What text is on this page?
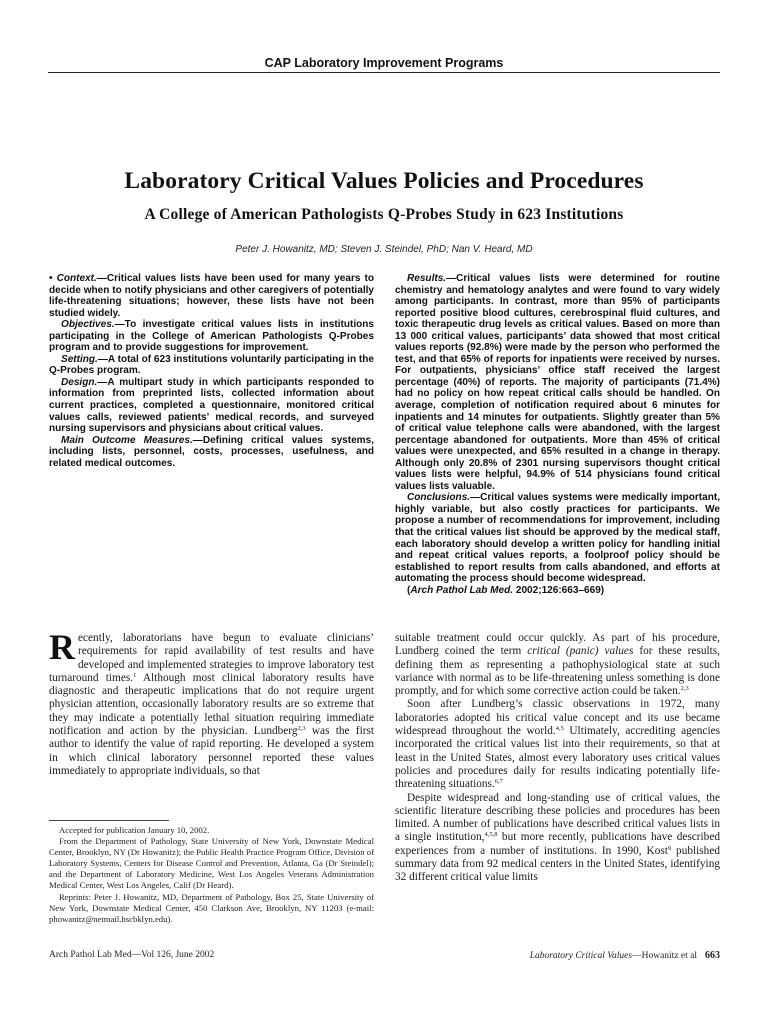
CAP Laboratory Improvement Programs
Laboratory Critical Values Policies and Procedures
A College of American Pathologists Q-Probes Study in 623 Institutions
Peter J. Howanitz, MD; Steven J. Steindel, PhD; Nan V. Heard, MD

• Context.—Critical values lists have been used for many years to decide when to notify physicians and other caregivers of potentially life-threatening situations; however, these lists have not been studied widely.

Objectives.—To investigate critical values lists in institutions participating in the College of American Pathologists Q-Probes program and to provide suggestions for improvement.

Setting.—A total of 623 institutions voluntarily participating in the Q-Probes program.

Design.—A multipart study in which participants responded to information from preprinted lists, collected information about current practices, completed a questionnaire, monitored critical values calls, reviewed patients’ medical records, and surveyed nursing supervisors and physicians about critical values.

Main Outcome Measures.—Defining critical values systems, including lists, personnel, costs, processes, usefulness, and related medical outcomes.

Results.—Critical values lists were determined for routine chemistry and hematology analytes and were found to vary widely among participants. In contrast, more than 95% of participants reported positive blood cultures, cerebrospinal fluid cultures, and toxic therapeutic drug levels as critical values. Based on more than 13 000 critical values, participants’ data showed that most critical values reports (92.8%) were made by the person who performed the test, and that 65% of reports for inpatients were received by nurses. For outpatients, physicians’ office staff received the largest percentage (40%) of reports. The majority of participants (71.4%) had no policy on how repeat critical calls should be handled. On average, completion of notification required about 6 minutes for inpatients and 14 minutes for outpatients. Slightly greater than 5% of critical value telephone calls were abandoned, with the largest percentage abandoned for outpatients. More than 45% of critical values were unexpected, and 65% resulted in a change in therapy. Although only 20.8% of 2301 nursing supervisors thought critical values lists were helpful, 94.9% of 514 physicians found critical values lists valuable.

Conclusions.—Critical values systems were medically important, highly variable, but also costly practices for participants. We propose a number of recommendations for improvement, including that the critical values list should be approved by the medical staff, each laboratory should develop a written policy for handling initial and repeat critical values reports, a foolproof policy should be established to report results from calls abandoned, and efforts at automating the process should become widespread.

(Arch Pathol Lab Med. 2002;126:663–669)

Recently, laboratorians have begun to evaluate clinicians’ requirements for rapid availability of test results and have developed and implemented strategies to improve laboratory test turnaround times.$^1$ Although most clinical laboratory results have diagnostic and therapeutic implications that do not require urgent physician attention, occasionally laboratory results are so extreme that they may indicate a potentially lethal situation requiring immediate notification and action by the physician. Lundberg$^{2,3}$ was the first author to identify the value of rapid reporting. He developed a system in which clinical laboratory personnel reported these values immediately to appropriate individuals, so that

Accepted for publication January 10, 2002.

From the Department of Pathology, State University of New York, Downstate Medical Center, Brooklyn, NY (Dr Howanitz); the Public Health Practice Program Office, Division of Laboratory Systems, Centers for Disease Control and Prevention, Atlanta, Ga (Dr Steindel); and the Department of Laboratory Medicine, West Los Angeles Veterans Administration Medical Center, West Los Angeles, Calif (Dr Heard).

Reprints: Peter J. Howanitz, MD, Department of Pathology, Box 25, State University of New York, Downstate Medical Center, 450 Clarkson Ave, Brooklyn, NY 11203 (e-mail: phowanitz@netmail.hscbklyn.edu).

suitable treatment could occur quickly. As part of his procedure, Lundberg coined the term critical (panic) values for these results, defining them as representing a pathophysiological state at such variance with normal as to be life-threatening unless something is done promptly, and for which some corrective action could be taken.$^{2,3}$

Soon after Lundberg’s classic observations in 1972, many laboratories adopted his critical value concept and its use became widespread throughout the world.$^{4,5}$ Ultimately, accrediting agencies incorporated the critical values list into their requirements, so that at least in the United States, almost every laboratory uses critical values policies and procedures daily for results indicating potentially life-threatening situations.$^{6,7}$

Despite widespread and long-standing use of critical values, the scientific literature describing these policies and procedures has been limited. A number of publications have described critical values lists in a single institution,$^{4,5,8}$ but more recently, publications have described experiences from a number of institutions. In 1990, Kost$^9$ published summary data from 92 medical centers in the United States, identifying 32 different critical value limits

Arch Pathol Lab Med—Vol 126, June 2002	Laboratory Critical Values—Howanitz et al 663
